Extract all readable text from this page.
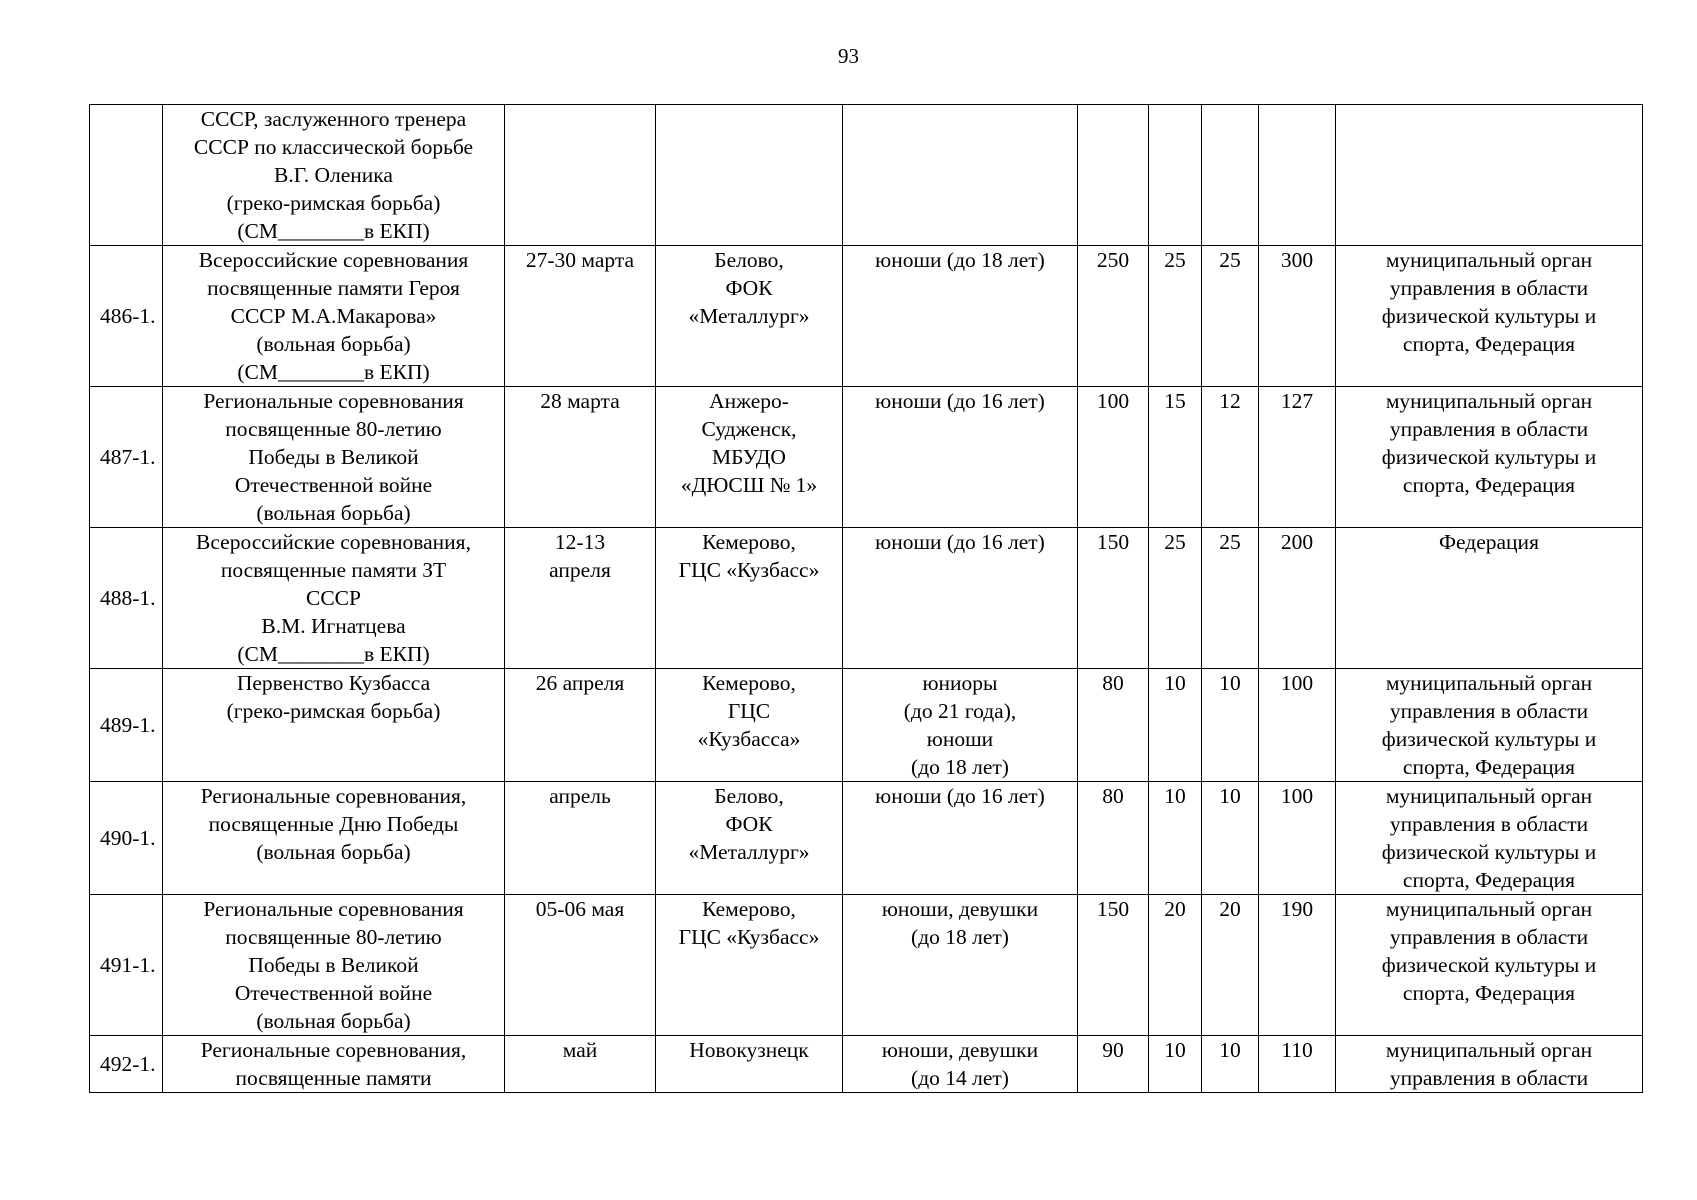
93

	СССР, заслуженного тренера
СССР по классической борьбе
В.Г. Оленика
(греко-римская борьба)
(СМ________в ЕКП)								

486-1.	Всероссийские соревнования
посвященные памяти Героя
СССР М.А.Макарова»
(вольная борьба)
(СМ________в ЕКП)	27-30 марта	Белово,
ФОК
«Металлург»	юноши (до 18 лет)	250	25	25	300	муниципальный орган
управления в области
физической культуры и
спорта, Федерация

487-1.	Региональные соревнования
посвященные 80-летию
Победы в Великой
Отечественной войне
(вольная борьба)	28 марта	Анжеро-
Судженск,
МБУДО
«ДЮСШ № 1»	юноши (до 16 лет)	100	15	12	127	муниципальный орган
управления в области
физической культуры и
спорта, Федерация

488-1.	Всероссийские соревнования,
посвященные памяти ЗТ
СССР
В.М. Игнатцева
(СМ________в ЕКП)	12-13
апреля	Кемерово,
ГЦС «Кузбасс»	юноши (до 16 лет)	150	25	25	200	Федерация

489-1.	Первенство Кузбасса
(греко-римская борьба)	26 апреля	Кемерово,
ГЦС
«Кузбасса»	юниоры
(до 21 года),
юноши
(до 18 лет)	80	10	10	100	муниципальный орган
управления в области
физической культуры и
спорта, Федерация

490-1.	Региональные соревнования,
посвященные Дню Победы
(вольная борьба)	апрель	Белово,
ФОК
«Металлург»	юноши (до 16 лет)	80	10	10	100	муниципальный орган
управления в области
физической культуры и
спорта, Федерация

491-1.	Региональные соревнования
посвященные 80-летию
Победы в Великой
Отечественной войне
(вольная борьба)	05-06 мая	Кемерово,
ГЦС «Кузбасс»	юноши, девушки
(до 18 лет)	150	20	20	190	муниципальный орган
управления в области
физической культуры и
спорта, Федерация

492-1.	Региональные соревнования,
посвященные памяти	май	Новокузнецк	юноши, девушки
(до 14 лет)	90	10	10	110	муниципальный орган
управления в области
